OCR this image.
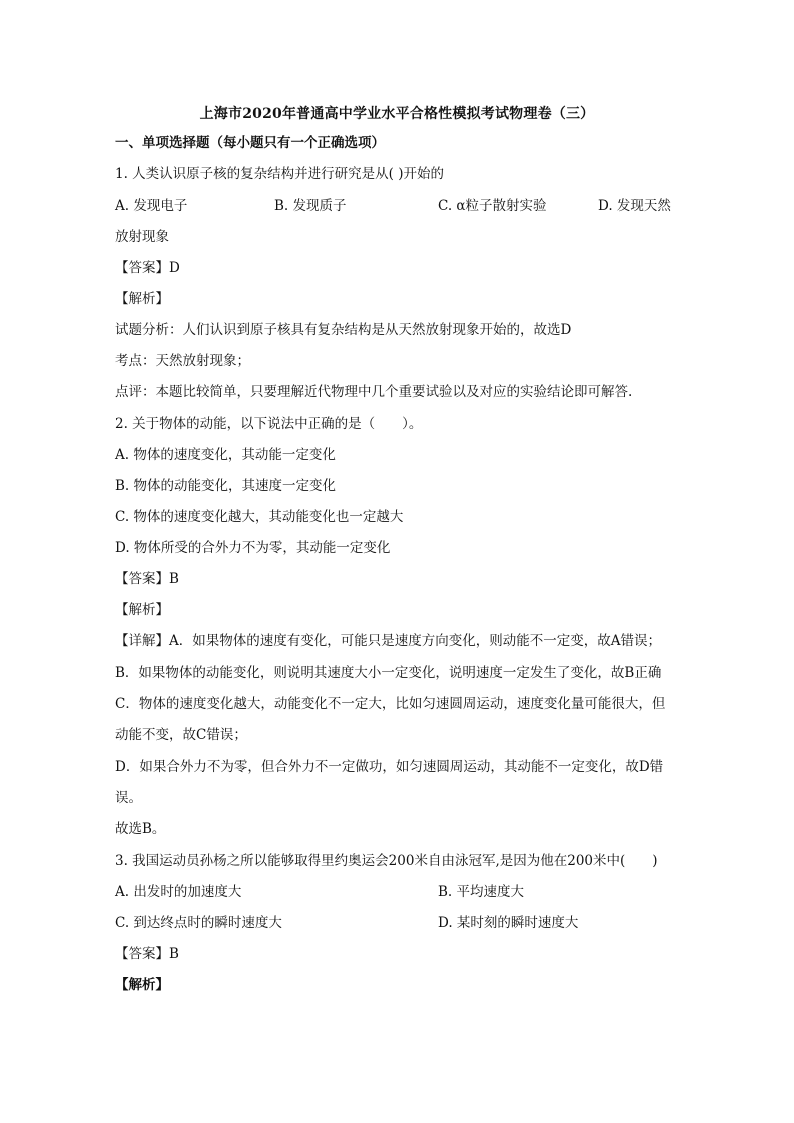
上海市2020年普通高中学业水平合格性模拟考试物理卷（三）
一、单项选择题（每小题只有一个正确选项）
1. 人类认识原子核的复杂结构并进行研究是从( )开始的
A. 发现电子	B. 发现质子	C. α粒子散射实验	D. 发现天然
放射现象
【答案】D
【解析】
试题分析：人们认识到原子核具有复杂结构是从天然放射现象开始的，故选D
考点：天然放射现象；
点评：本题比较简单，只要理解近代物理中几个重要试验以及对应的实验结论即可解答.
2. 关于物体的动能，以下说法中正确的是（　　）。
A. 物体的速度变化，其动能一定变化
B. 物体的动能变化，其速度一定变化
C. 物体的速度变化越大，其动能变化也一定越大
D. 物体所受的合外力不为零，其动能一定变化
【答案】B
【解析】
【详解】A．如果物体的速度有变化，可能只是速度方向变化，则动能不一定变，故A错误；
B．如果物体的动能变化，则说明其速度大小一定变化，说明速度一定发生了变化，故B正确
C．物体的速度变化越大，动能变化不一定大，比如匀速圆周运动，速度变化量可能很大，但
动能不变，故C错误；
D．如果合外力不为零，但合外力不一定做功，如匀速圆周运动，其动能不一定变化，故D错
误。
故选B。
3. 我国运动员孙杨之所以能够取得里约奥运会200米自由泳冠军,是因为他在200米中(　　)
A. 出发时的加速度大	B. 平均速度大
C. 到达终点时的瞬时速度大	D. 某时刻的瞬时速度大
【答案】B
【解析】
